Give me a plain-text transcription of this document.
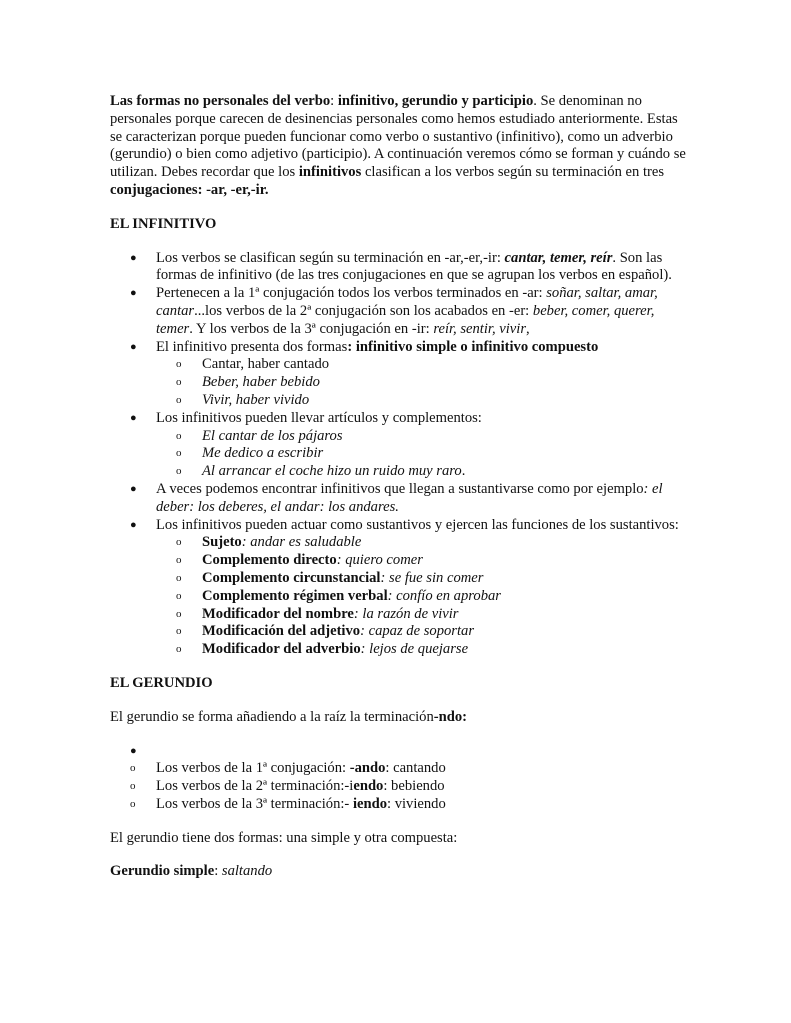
Las formas no personales del verbo: infinitivo, gerundio y participio. Se denominan no personales porque carecen de desinencias personales como hemos estudiado anteriormente. Estas se caracterizan porque pueden funcionar como verbo o sustantivo (infinitivo), como un adverbio (gerundio) o bien como adjetivo (participio). A continuación veremos cómo se forman y cuándo se utilizan. Debes recordar que los infinitivos clasifican a los verbos según su terminación en tres conjugaciones: -ar, -er,-ir.

EL INFINITIVO
● Los verbos se clasifican según su terminación en -ar,-er,-ir: cantar, temer, reír. Son las formas de infinitivo (de las tres conjugaciones en que se agrupan los verbos en español).
● Pertenecen a la 1ª conjugación todos los verbos terminados en -ar: soñar, saltar, amar, cantar...los verbos de la 2ª conjugación son los acabados en -er: beber, comer, querer, temer. Y los verbos de la 3ª conjugación en -ir: reír, sentir, vivir,
● El infinitivo presenta dos formas: infinitivo simple o infinitivo compuesto
o Cantar, haber cantado
o Beber, haber bebido
o Vivir, haber vivido
● Los infinitivos pueden llevar artículos y complementos:
o El cantar de los pájaros
o Me dedico a escribir
o Al arrancar el coche hizo un ruido muy raro.
● A veces podemos encontrar infinitivos que llegan a sustantivarse como por ejemplo: el deber: los deberes, el andar: los andares.
● Los infinitivos pueden actuar como sustantivos y ejercen las funciones de los sustantivos:
o Sujeto: andar es saludable
o Complemento directo: quiero comer
o Complemento circunstancial: se fue sin comer
o Complemento régimen verbal: confío en aprobar
o Modificador del nombre: la razón de vivir
o Modificación del adjetivo: capaz de soportar
o Modificador del adverbio: lejos de quejarse
EL GERUNDIO

El gerundio se forma añadiendo a la raíz la terminación-ndo:

●
o Los verbos de la 1ª conjugación: -ando: cantando
o Los verbos de la 2ª terminación:-iendo: bebiendo
o Los verbos de la 3ª terminación:- iendo: viviendo

El gerundio tiene dos formas: una simple y otra compuesta:

Gerundio simple: saltando
